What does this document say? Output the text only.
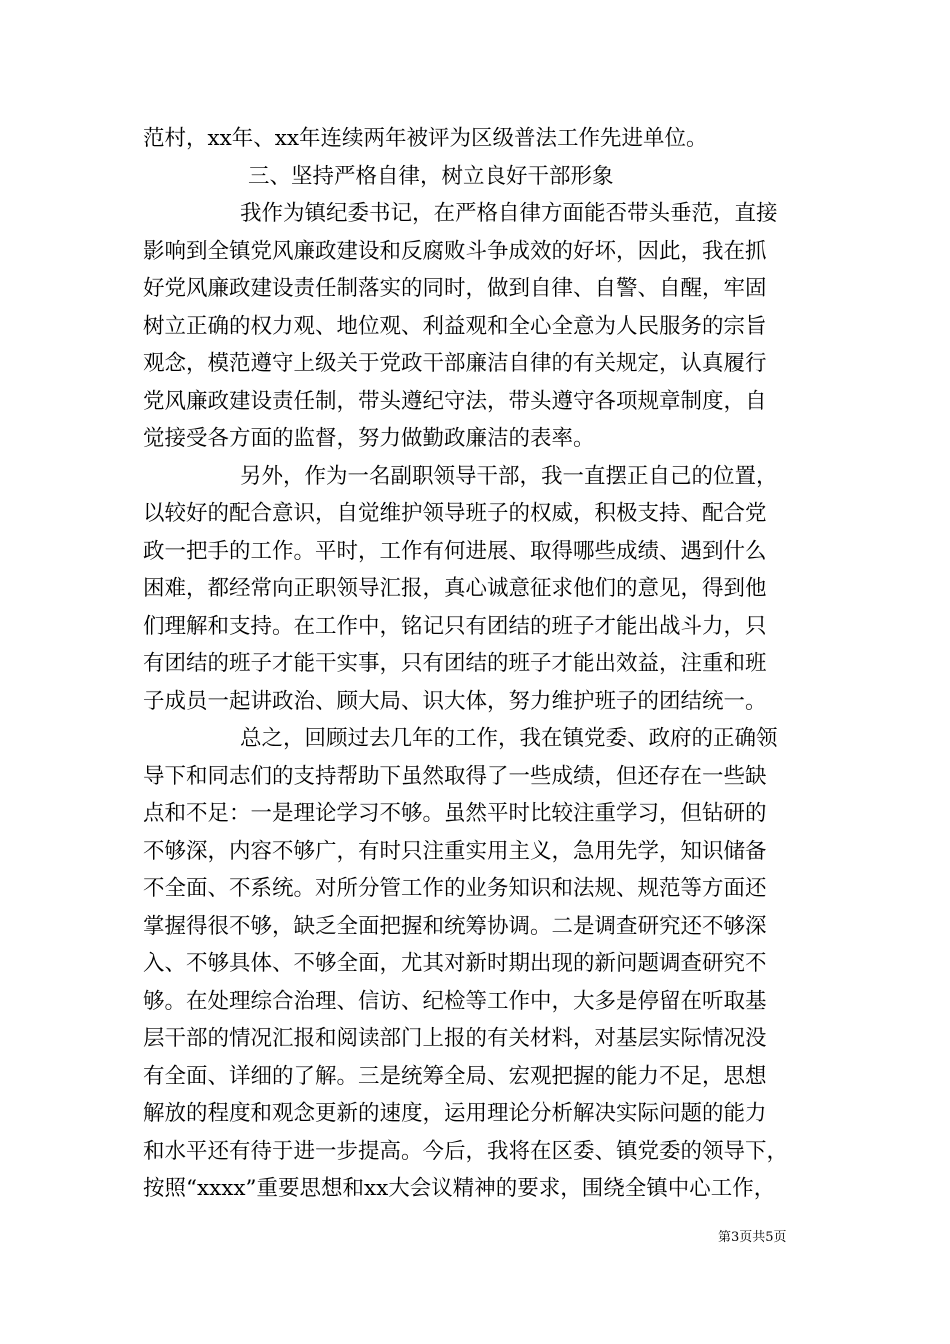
范村，xx年、xx年连续两年被评为区级普法工作先进单位。
三、坚持严格自律，树立良好干部形象
我作为镇纪委书记，在严格自律方面能否带头垂范，直接
影响到全镇党风廉政建设和反腐败斗争成效的好坏，因此，我在抓
好党风廉政建设责任制落实的同时，做到自律、自警、自醒，牢固
树立正确的权力观、地位观、利益观和全心全意为人民服务的宗旨
观念，模范遵守上级关于党政干部廉洁自律的有关规定，认真履行
党风廉政建设责任制，带头遵纪守法，带头遵守各项规章制度，自
觉接受各方面的监督，努力做勤政廉洁的表率。
另外，作为一名副职领导干部，我一直摆正自己的位置，
以较好的配合意识，自觉维护领导班子的权威，积极支持、配合党
政一把手的工作。平时，工作有何进展、取得哪些成绩、遇到什么
困难，都经常向正职领导汇报，真心诚意征求他们的意见，得到他
们理解和支持。在工作中，铭记只有团结的班子才能出战斗力，只
有团结的班子才能干实事，只有团结的班子才能出效益，注重和班
子成员一起讲政治、顾大局、识大体，努力维护班子的团结统一。
总之，回顾过去几年的工作，我在镇党委、政府的正确领
导下和同志们的支持帮助下虽然取得了一些成绩，但还存在一些缺
点和不足：一是理论学习不够。虽然平时比较注重学习，但钻研的
不够深，内容不够广，有时只注重实用主义，急用先学，知识储备
不全面、不系统。对所分管工作的业务知识和法规、规范等方面还
掌握得很不够，缺乏全面把握和统筹协调。二是调查研究还不够深
入、不够具体、不够全面，尤其对新时期出现的新问题调查研究不
够。在处理综合治理、信访、纪检等工作中，大多是停留在听取基
层干部的情况汇报和阅读部门上报的有关材料，对基层实际情况没
有全面、详细的了解。三是统筹全局、宏观把握的能力不足，思想
解放的程度和观念更新的速度，运用理论分析解决实际问题的能力
和水平还有待于进一步提高。今后，我将在区委、镇党委的领导下，
按照“xxxx”重要思想和xx大会议精神的要求，围绕全镇中心工作，
第3页共5页
